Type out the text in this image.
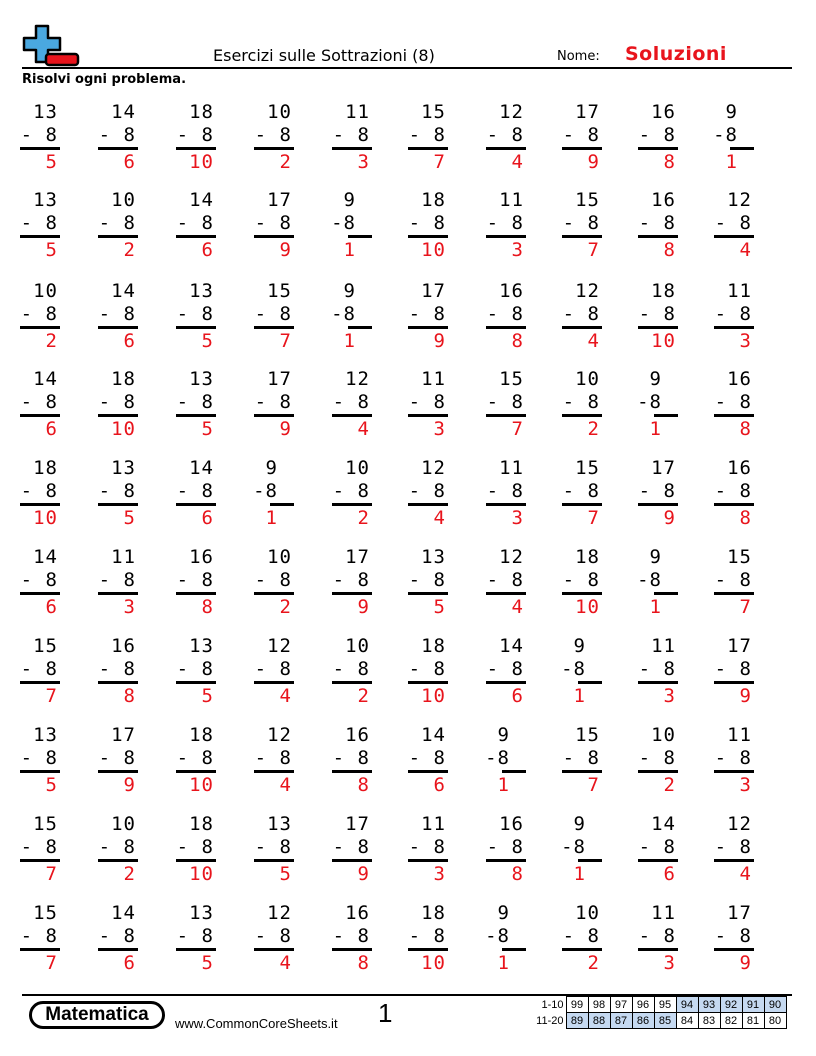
Esercizi sulle Sottrazioni (8)	Nome: Soluzioni
Risolvi ogni problema.
13
- 8
5
14
- 8
6
18
- 8
10
10
- 8
2
11
- 8
3
15
- 8
7
12
- 8
4
17
- 8
9
16
- 8
8
9
-8
1
13
- 8
5
10
- 8
2
14
- 8
6
17
- 8
9
9
-8
1
18
- 8
10
11
- 8
3
15
- 8
7
16
- 8
8
12
- 8
4
10
- 8
2
14
- 8
6
13
- 8
5
15
- 8
7
9
-8
1
17
- 8
9
16
- 8
8
12
- 8
4
18
- 8
10
11
- 8
3
14
- 8
6
18
- 8
10
13
- 8
5
17
- 8
9
12
- 8
4
11
- 8
3
15
- 8
7
10
- 8
2
9
-8
1
16
- 8
8
18
- 8
10
13
- 8
5
14
- 8
6
9
-8
1
10
- 8
2
12
- 8
4
11
- 8
3
15
- 8
7
17
- 8
9
16
- 8
8
14
- 8
6
11
- 8
3
16
- 8
8
10
- 8
2
17
- 8
9
13
- 8
5
12
- 8
4
18
- 8
10
9
-8
1
15
- 8
7
15
- 8
7
16
- 8
8
13
- 8
5
12
- 8
4
10
- 8
2
18
- 8
10
14
- 8
6
9
-8
1
11
- 8
3
17
- 8
9
13
- 8
5
17
- 8
9
18
- 8
10
12
- 8
4
16
- 8
8
14
- 8
6
9
-8
1
15
- 8
7
10
- 8
2
11
- 8
3
15
- 8
7
10
- 8
2
18
- 8
10
13
- 8
5
17
- 8
9
11
- 8
3
16
- 8
8
9
-8
1
14
- 8
6
12
- 8
4
15
- 8
7
14
- 8
6
13
- 8
5
12
- 8
4
16
- 8
8
18
- 8
10
9
-8
1
10
- 8
2
11
- 8
3
17
- 8
9
Matematica	www.CommonCoreSheets.it 1	1-10	99	98	97	96	95	94	93	92	91	90
11-20	89	88	87	86	85	84	83	82	81	80
